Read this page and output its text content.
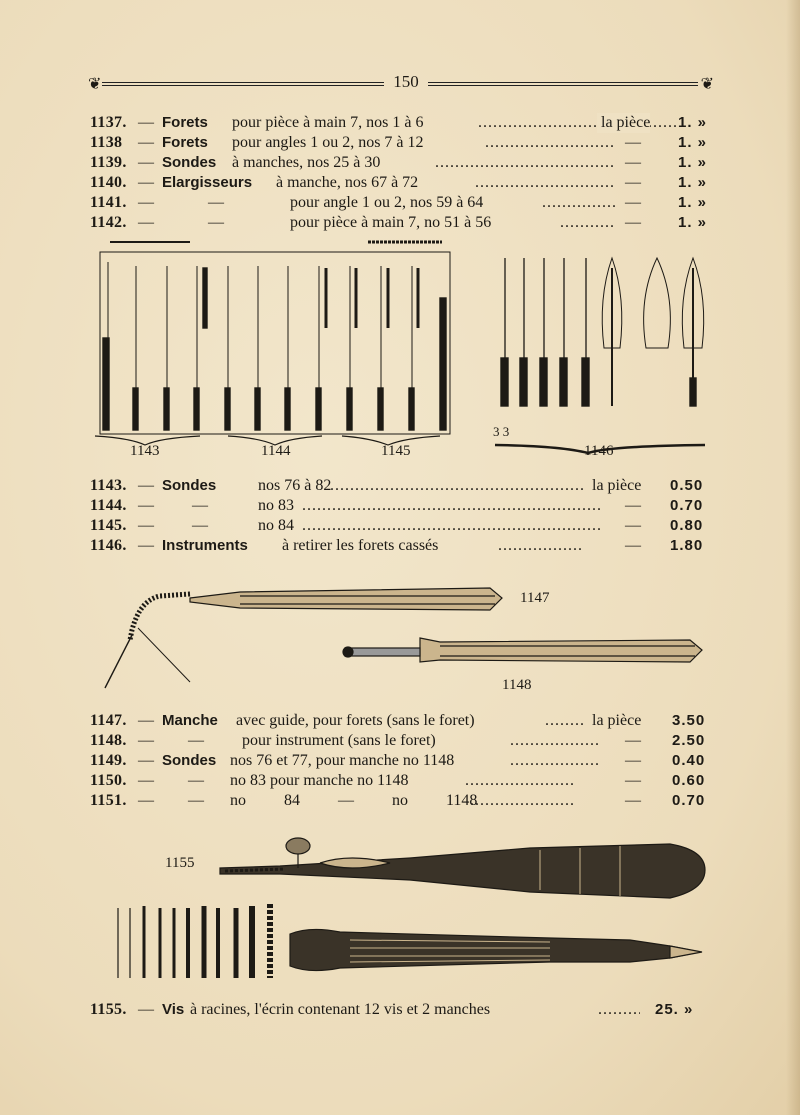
❦	150	❦
1137. — Forets pour pièce à main 7, nos 1 à 6 .....	la pièce 1. »
1138 — Forets pour angles 1 ou 2, nos 7 à 12 .....	— 1. »
1139. — Sondes à manches, nos 25 à 30 .....	— 1. »
1140. — Elargisseurs à manche, nos 67 à 72 .....	— 1. »
1141. —	—	pour angle 1 ou 2, nos 59 à 64 .....	— 1. »
1142. —	—	pour pièce à main 7, no 51 à 56 .....	— 1. »
1143	1144	1145	1146
3 3
1143. — Sondes	nos 76 à 82 .....	la pièce 0.50
1144. — —	no 83 .....	— 0.70
1145. — —	no 84 .....	— 0.80
1146. — Instruments à retirer les forets cassés .....	— 1.80
1147
1148
1147. — Manche avec guide, pour forets (sans le foret) .....	la pièce 3.50
1148. — — pour instrument (sans le foret) .....	— 2.50
1149. — Sondes nos 76 et 77, pour manche no 1148 .....	— 0.40
1150. — — no 83 pour manche no 1148 .....	— 0.60
1151. — — no 84 — no 1148 .....	— 0.70
1155
1155. — Vis à racines, l'écrin contenant 12 vis et 2 manches .....	25. »
